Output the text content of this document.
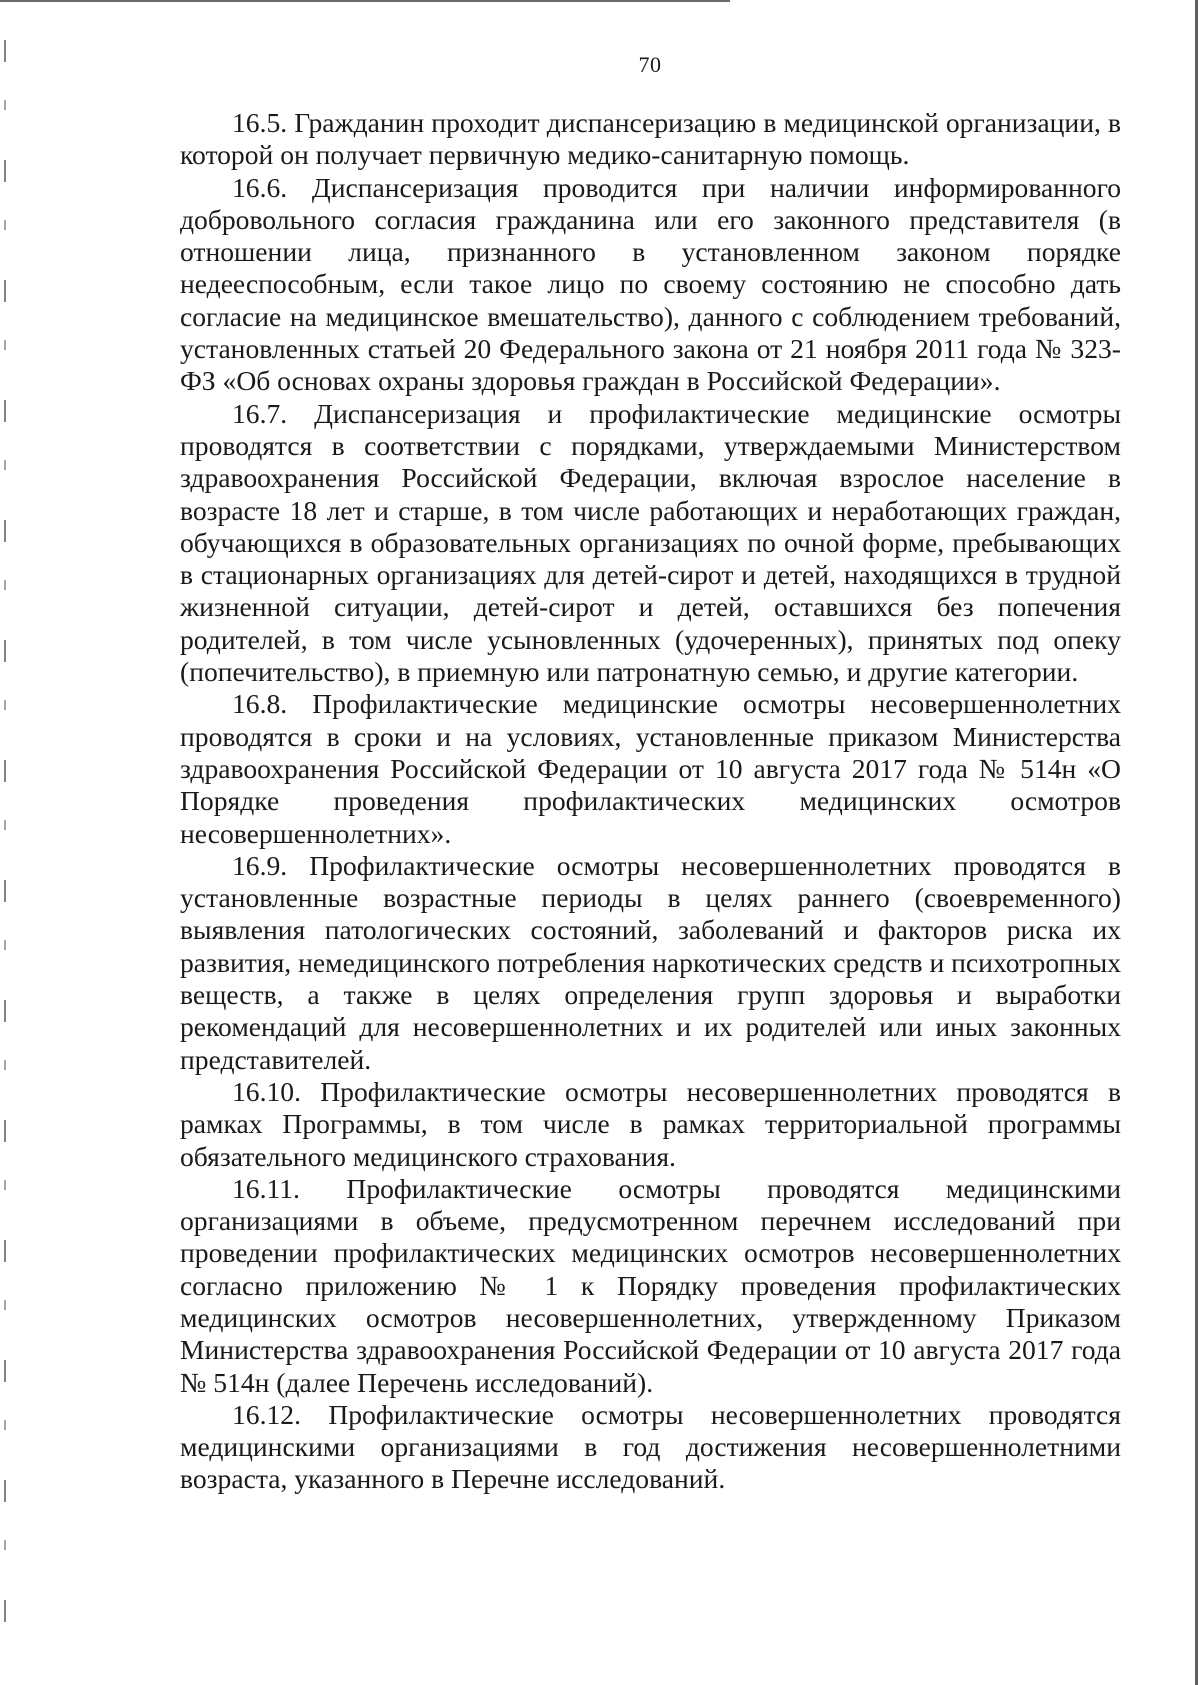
70

16.5. Гражданин проходит диспансеризацию в медицинской организации, в которой он получает первичную медико-санитарную помощь.

16.6. Диспансеризация проводится при наличии информированного добровольного согласия гражданина или его законного представителя (в отношении лица, признанного в установленном законом порядке недееспособным, если такое лицо по своему состоянию не способно дать согласие на медицинское вмешательство), данного с соблюдением требований, установленных статьей 20 Федерального закона от 21 ноября 2011 года № 323-ФЗ «Об основах охраны здоровья граждан в Российской Федерации».

16.7. Диспансеризация и профилактические медицинские осмотры проводятся в соответствии с порядками, утверждаемыми Министерством здравоохранения Российской Федерации, включая взрослое население в возрасте 18 лет и старше, в том числе работающих и неработающих граждан, обучающихся в образовательных организациях по очной форме, пребывающих в стационарных организациях для детей-сирот и детей, находящихся в трудной жизненной ситуации, детей-сирот и детей, оставшихся без попечения родителей, в том числе усыновленных (удочеренных), принятых под опеку (попечительство), в приемную или патронатную семью, и другие категории.

16.8. Профилактические медицинские осмотры несовершеннолетних проводятся в сроки и на условиях, установленные приказом Министерства здравоохранения Российской Федерации от 10 августа 2017 года № 514н «О Порядке проведения профилактических медицинских осмотров несовершеннолетних».

16.9. Профилактические осмотры несовершеннолетних проводятся в установленные возрастные периоды в целях раннего (своевременного) выявления патологических состояний, заболеваний и факторов риска их развития, немедицинского потребления наркотических средств и психотропных веществ, а также в целях определения групп здоровья и выработки рекомендаций для несовершеннолетних и их родителей или иных законных представителей.

16.10. Профилактические осмотры несовершеннолетних проводятся в рамках Программы, в том числе в рамках территориальной программы обязательного медицинского страхования.

16.11. Профилактические осмотры проводятся медицинскими организациями в объеме, предусмотренном перечнем исследований при проведении профилактических медицинских осмотров несовершеннолетних согласно приложению № 1 к Порядку проведения профилактических медицинских осмотров несовершеннолетних, утвержденному Приказом Министерства здравоохранения Российской Федерации от 10 августа 2017 года № 514н (далее Перечень исследований).

16.12. Профилактические осмотры несовершеннолетних проводятся медицинскими организациями в год достижения несовершеннолетними возраста, указанного в Перечне исследований.
